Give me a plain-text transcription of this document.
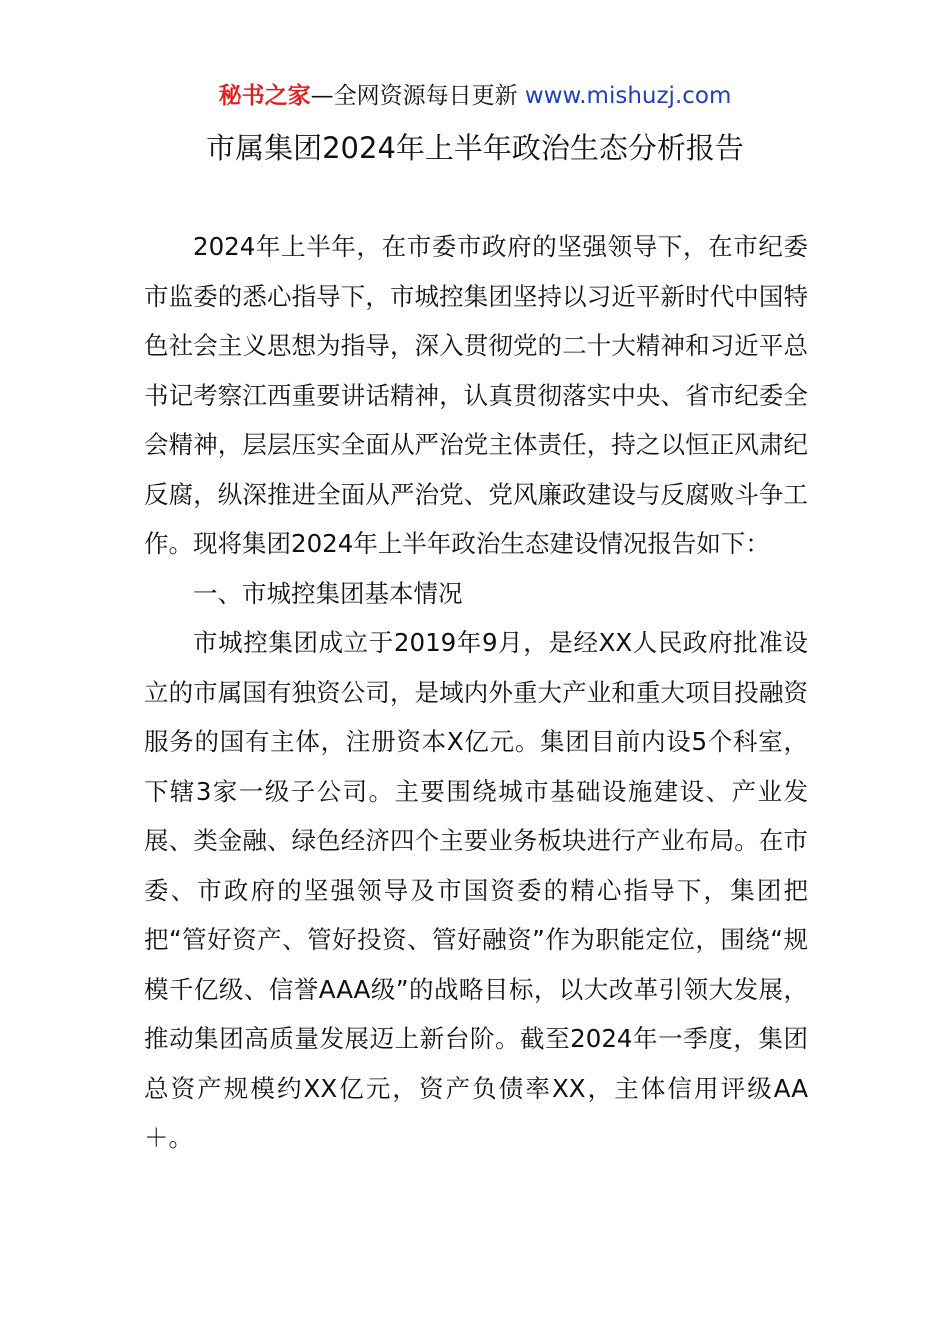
秘书之家—全网资源每日更新 www.mishuzj.com
市属集团2024年上半年政治生态分析报告

2024年上半年，在市委市政府的坚强领导下，在市纪委市监委的悉心指导下，市城控集团坚持以习近平新时代中国特色社会主义思想为指导，深入贯彻党的二十大精神和习近平总书记考察江西重要讲话精神，认真贯彻落实中央、省市纪委全会精神，层层压实全面从严治党主体责任，持之以恒正风肃纪反腐，纵深推进全面从严治党、党风廉政建设与反腐败斗争工作。现将集团2024年上半年政治生态建设情况报告如下：

一、市城控集团基本情况

市城控集团成立于2019年9月，是经XX人民政府批准设立的市属国有独资公司，是域内外重大产业和重大项目投融资服务的国有主体，注册资本X亿元。集团目前内设5个科室，下辖3家一级子公司。主要围绕城市基础设施建设、产业发展、类金融、绿色经济四个主要业务板块进行产业布局。在市委、市政府的坚强领导及市国资委的精心指导下，集团把把“管好资产、管好投资、管好融资”作为职能定位，围绕“规模千亿级、信誉AAA级”的战略目标，以大改革引领大发展，推动集团高质量发展迈上新台阶。截至2024年一季度，集团总资产规模约XX亿元，资产负债率XX，主体信用评级AA＋。
